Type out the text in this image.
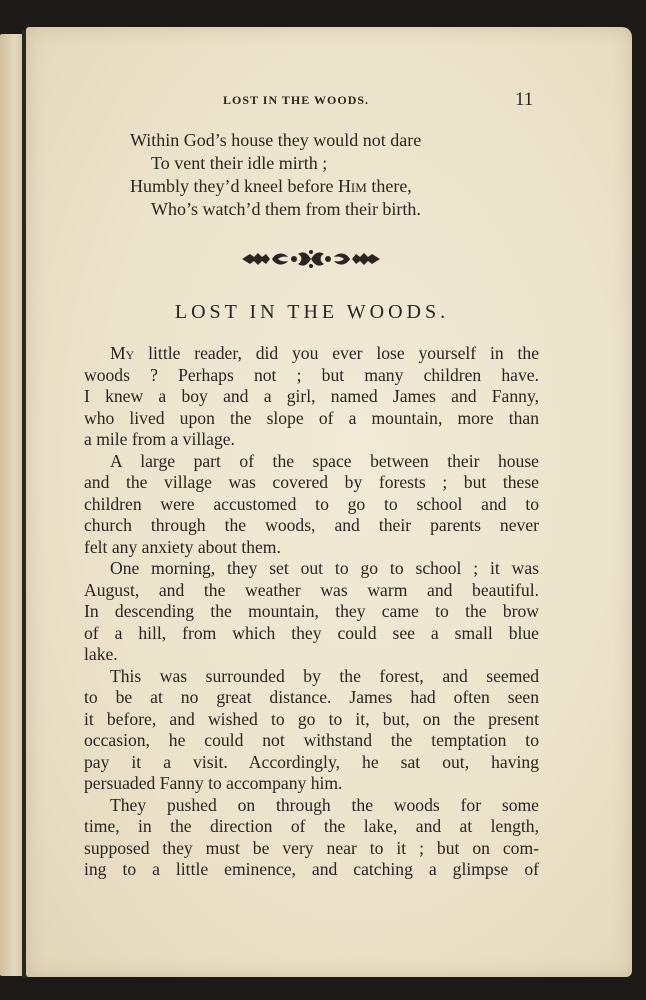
LOST IN THE WOODS.	11
Within God’s house they would not dare
To vent their idle mirth ;
Humbly they’d kneel before Him there,
Who’s watch’d them from their birth.
LOST IN THE WOODS.
My little reader, did you ever lose yourself in the
woods ? Perhaps not ; but many children have.
I knew a boy and a girl, named James and Fanny,
who lived upon the slope of a mountain, more than
a mile from a village.
A large part of the space between their house
and the village was covered by forests ; but these
children were accustomed to go to school and to
church through the woods, and their parents never
felt any anxiety about them.
One morning, they set out to go to school ; it was
August, and the weather was warm and beautiful.
In descending the mountain, they came to the brow
of a hill, from which they could see a small blue
lake.
This was surrounded by the forest, and seemed
to be at no great distance. James had often seen
it before, and wished to go to it, but, on the present
occasion, he could not withstand the temptation to
pay it a visit. Accordingly, he sat out, having
persuaded Fanny to accompany him.
They pushed on through the woods for some
time, in the direction of the lake, and at length,
supposed they must be very near to it ; but on com-
ing to a little eminence, and catching a glimpse of
